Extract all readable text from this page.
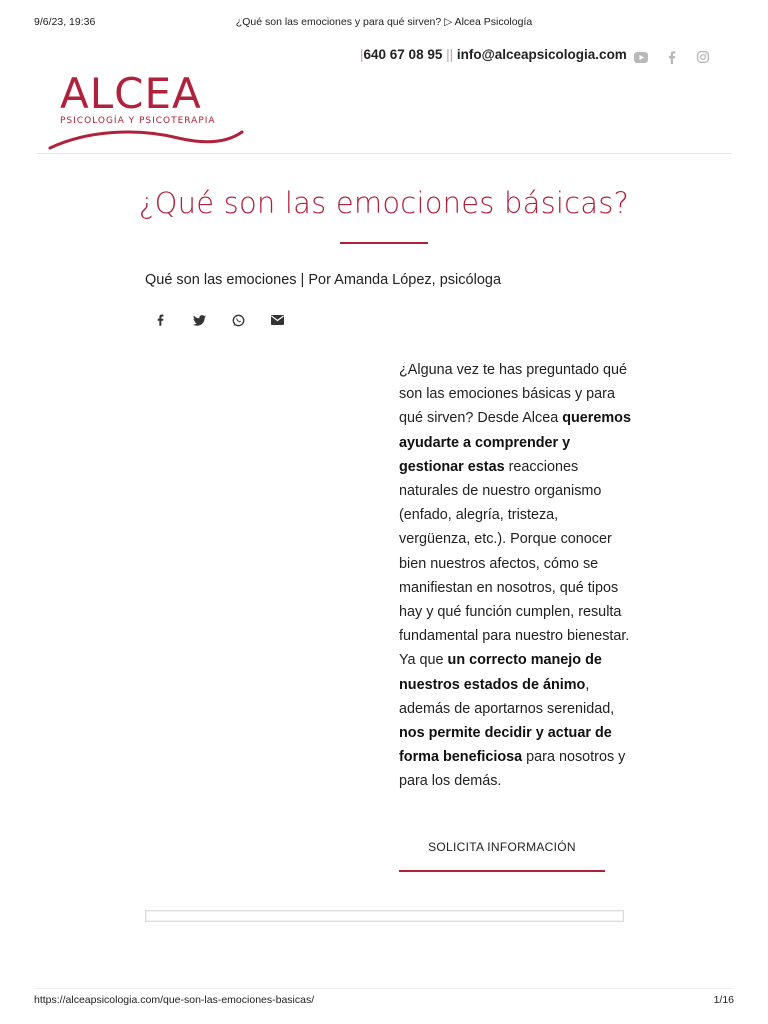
9/6/23, 19:36	¿Qué son las emociones y para qué sirven? ▷ Alcea Psicología
|640 67 08 95 || info@alceapsicologia.com
ALCEA
PSICOLOGÍA Y PSICOTERAPIA
¿Qué son las emociones básicas?
Qué son las emociones | Por Amanda López, psicóloga
¿Alguna vez te has preguntado qué son las emociones básicas y para qué sirven? Desde Alcea queremos ayudarte a comprender y gestionar estas reacciones naturales de nuestro organismo (enfado, alegría, tristeza, vergüenza, etc.). Porque conocer bien nuestros afectos, cómo se manifiestan en nosotros, qué tipos hay y qué función cumplen, resulta fundamental para nuestro bienestar. Ya que un correcto manejo de nuestros estados de ánimo, además de aportarnos serenidad, nos permite decidir y actuar de forma beneficiosa para nosotros y para los demás.
SOLICITA INFORMACIÓN
https://alceapsicologia.com/que-son-las-emociones-basicas/	1/16
